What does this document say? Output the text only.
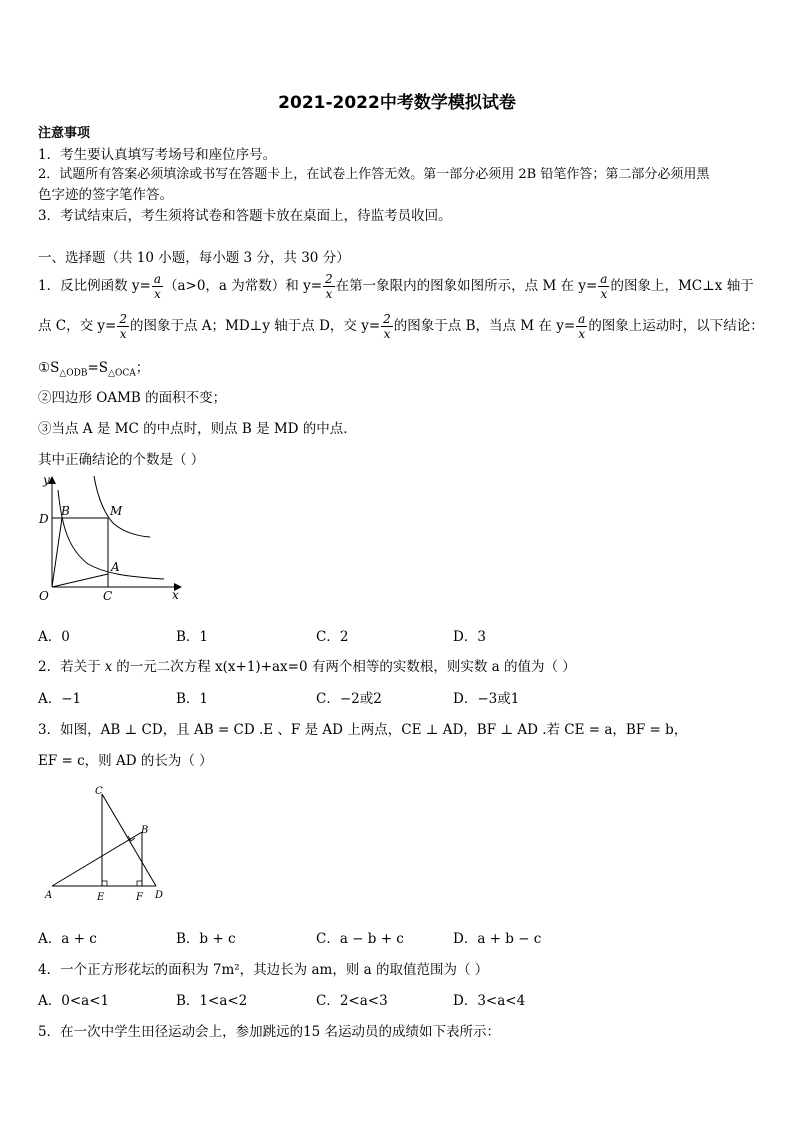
2021-2022中考数学模拟试卷
注意事项
1．考生要认真填写考场号和座位序号。
2．试题所有答案必须填涂或书写在答题卡上，在试卷上作答无效。第一部分必须用 2B 铅笔作答；第二部分必须用黑
色字迹的签字笔作答。
3．考试结束后，考生须将试卷和答题卡放在桌面上，待监考员收回。
一、选择题（共 10 小题，每小题 3 分，共 30 分）
1．反比例函数 $y= \frac{a}{x} (a>0$，a 为常数）和 $y= \frac{2}{x}$ 在第一象限内的图象如图所示，点 M 在 $y= \frac{a}{x}$ 的图象上，MC⊥x 轴于
点 C，交 $y= \frac{2}{x}$ 的图象于点 A；MD⊥y 轴于点 D，交 $y= \frac{2}{x}$ 的图象于点 B，当点 M 在 $y= \frac{a}{x}$ 的图象上运动时，以下结论：
$①S_{\triangle ODB}=S_{\triangle OCA}$；
②四边形 OAMB 的面积不变；
③当点 A 是 MC 的中点时，则点 B 是 MD 的中点．
其中正确结论的个数是（ ）
y
D
B	M
A
O	C	x
A．0	B．1	C．2	D．3
2．若关于 x 的一元二次方程 x(x+1)+ax=0 有两个相等的实数根，则实数 a 的值为（ ）
A．−1	B．1	C．−2或2	D．−3或1
3．如图，AB ⊥ CD，且 AB = CD .E 、F 是 AD 上两点，CE ⊥ AD，BF ⊥ AD .若 CE = a，BF = b，
EF = c，则 AD 的长为（ ）
C
B
A	E	F D
A．a + c	B．b + c	C．a − b + c	D．a + b − c
4．一个正方形花坛的面积为 7m²，其边长为 am，则 a 的取值范围为（ ）
A．0<a<1	B．1<a<2	C．2<a<3	D．3<a<4
5．在一次中学生田径运动会上，参加跳远的15 名运动员的成绩如下表所示：
